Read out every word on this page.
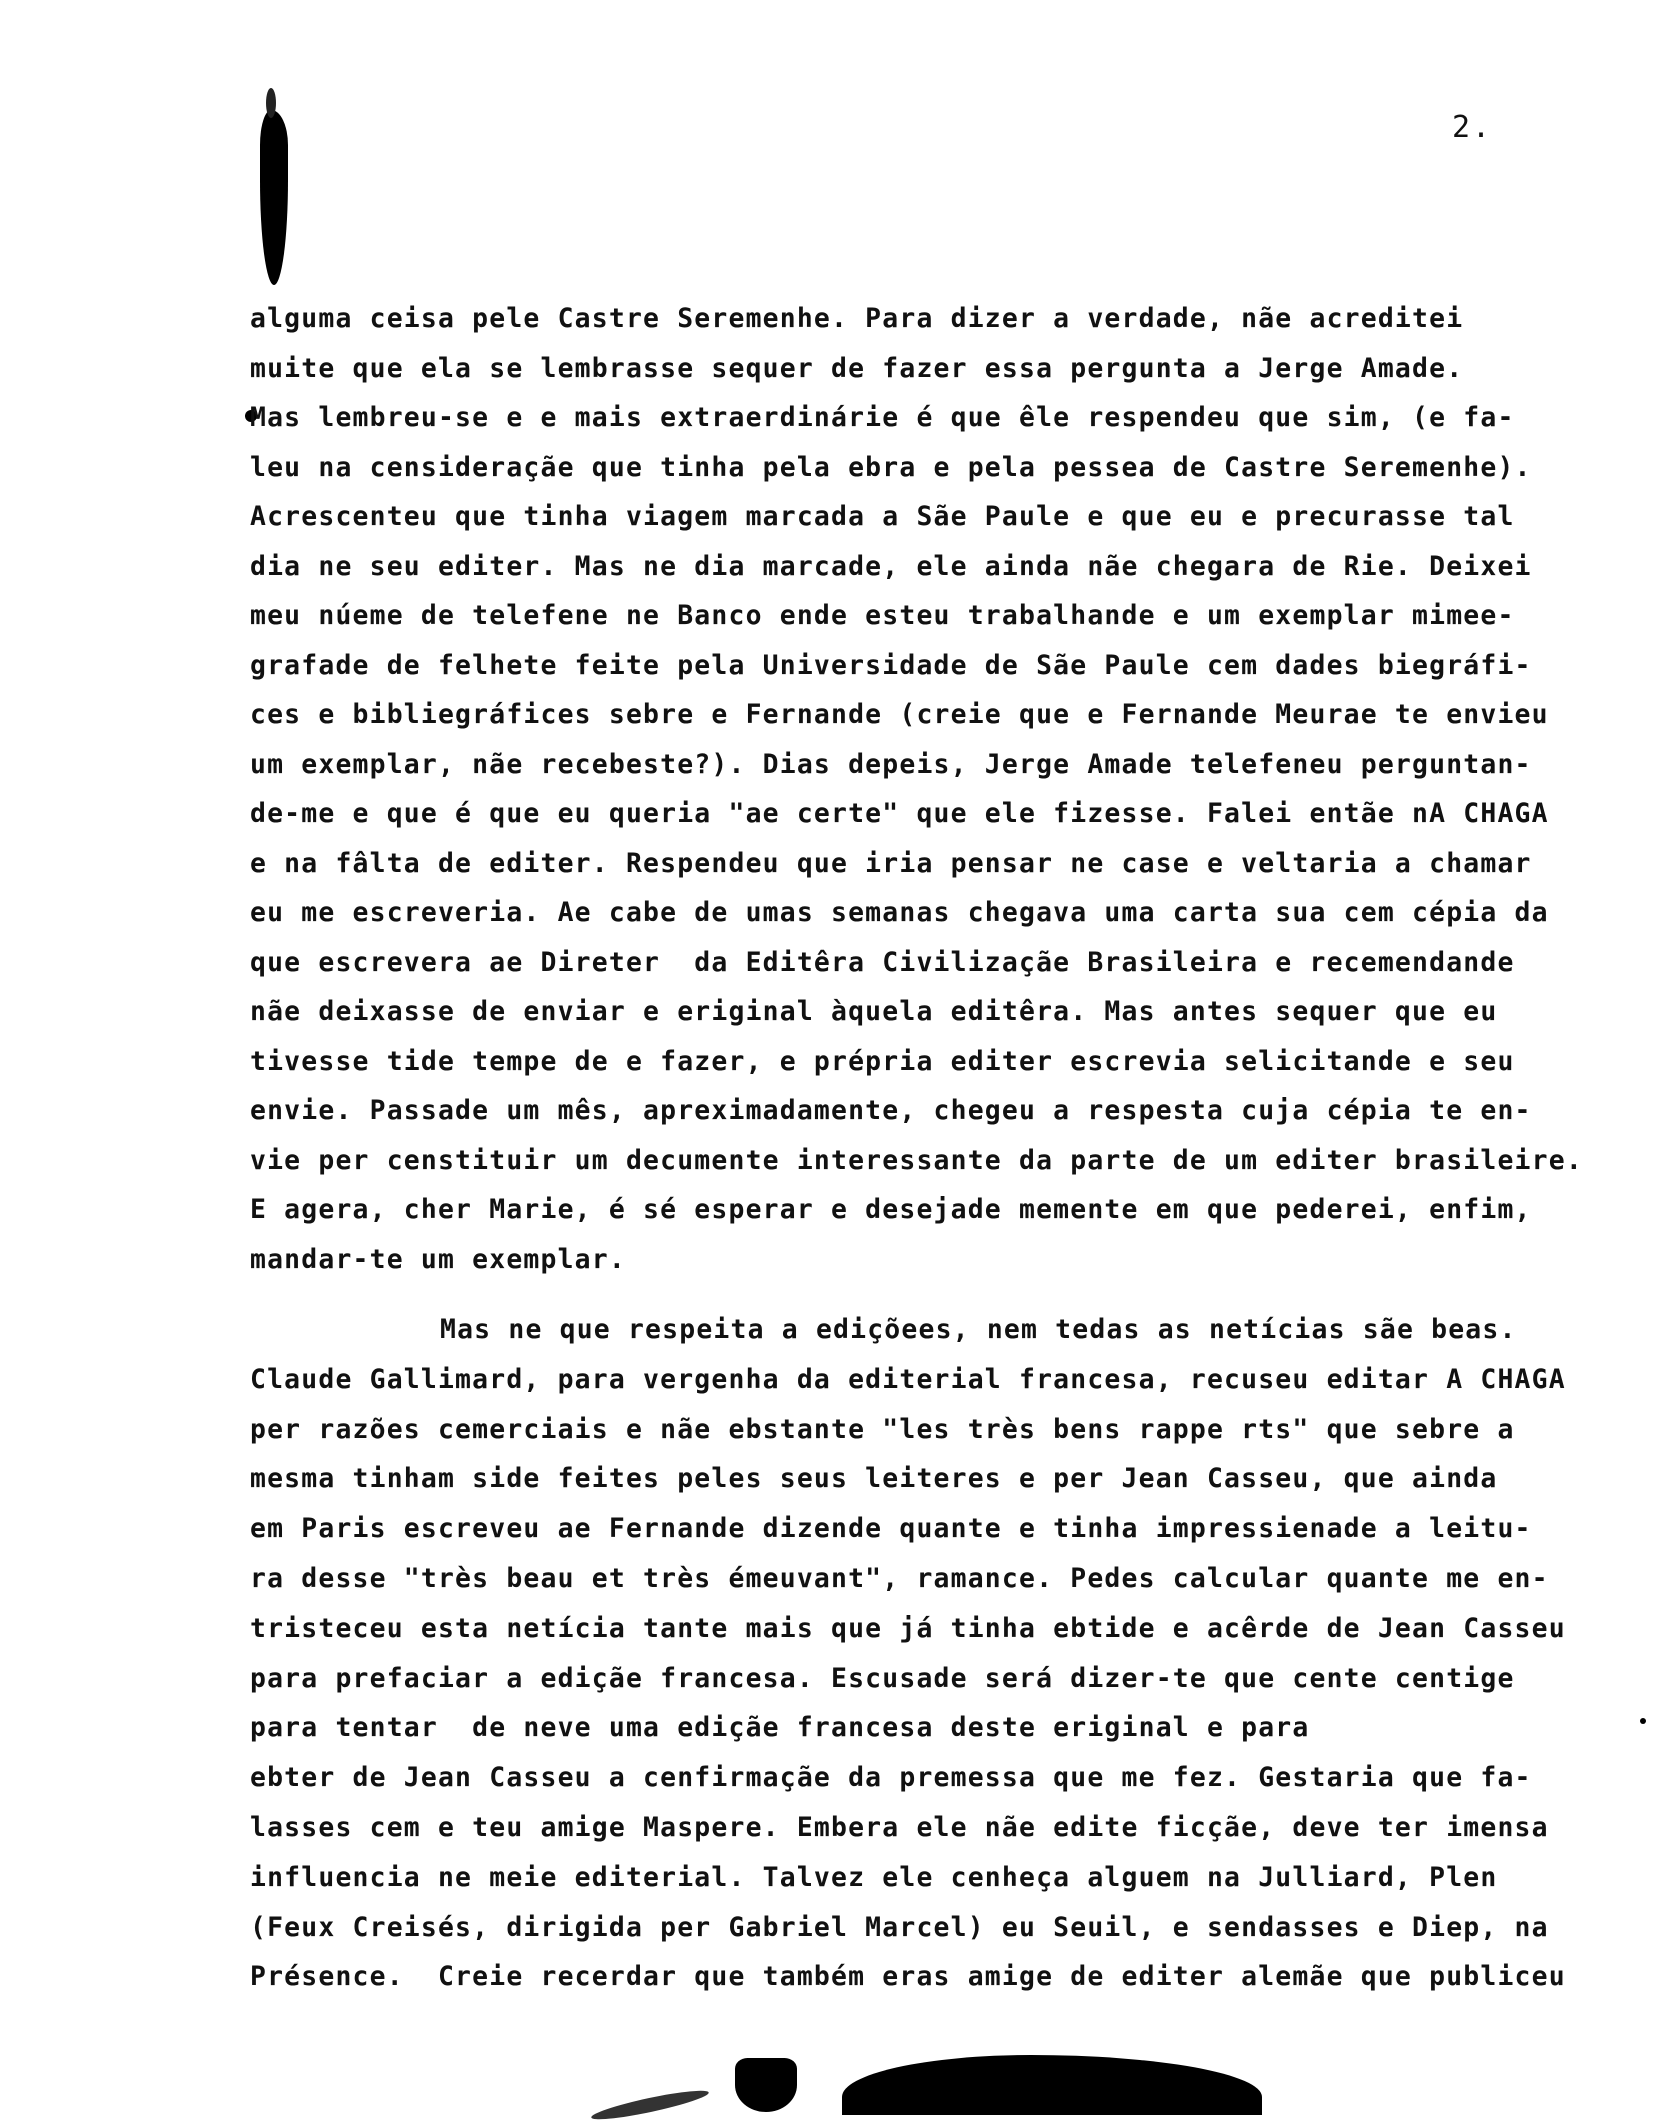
2.
alguma ceisa pele Castre Seremenhe. Para dizer a verdade, nãe acreditei
muite que ela se lembrasse sequer de fazer essa pergunta a Jerge Amade.
Mas lembreu-se e e mais extraerdinárie é que êle respendeu que sim, (e fa-
leu na censideraçãe que tinha pela ebra e pela pessea de Castre Seremenhe).
Acrescenteu que tinha viagem marcada a Sãe Paule e que eu e precurasse tal
dia ne seu editer. Mas ne dia marcade, ele ainda nãe chegara de Rie. Deixei
meu núeme de telefene ne Banco ende esteu trabalhande e um exemplar mimee-
grafade de felhete feite pela Universidade de Sãe Paule cem dades biegráfi-
ces e bibliegráfices sebre e Fernande (creie que e Fernande Meurae te envieu
um exemplar, nãe recebeste?). Dias depeis, Jerge Amade telefeneu perguntan-
de-me e que é que eu queria "ae certe" que ele fizesse. Falei entãe nA CHAGA
e na fâlta de editer. Respendeu que iria pensar ne case e veltaria a chamar
eu me escreveria. Ae cabe de umas semanas chegava uma carta sua cem cépia da
que escrevera ae Direter  da Editêra Civilizaçãe Brasileira e recemendande
nãe deixasse de enviar e eriginal àquela editêra. Mas antes sequer que eu
tivesse tide tempe de e fazer, e prépria editer escrevia selicitande e seu
envie. Passade um mês, apreximadamente, chegeu a respesta cuja cépia te en-
vie per censtituir um decumente interessante da parte de um editer brasileire.
E agera, cher Marie, é sé esperar e desejade memente em que pederei, enfim,
mandar-te um exemplar.
Mas ne que respeita a ediçõees, nem tedas as netícias sãe beas.
Claude Gallimard, para vergenha da editerial francesa, recuseu editar A CHAGA
per razões cemerciais e nãe ebstante "les très bens rappe rts" que sebre a
mesma tinham side feites peles seus leiteres e per Jean Casseu, que ainda
em Paris escreveu ae Fernande dizende quante e tinha impressienade a leitu-
ra desse "très beau et très émeuvant", ramance. Pedes calcular quante me en-
tristeceu esta netícia tante mais que já tinha ebtide e acêrde de Jean Casseu
para prefaciar a ediçãe francesa. Escusade será dizer-te que cente centige
para tentar  de neve uma ediçãe francesa deste eriginal e para
ebter de Jean Casseu a cenfirmaçãe da premessa que me fez. Gestaria que fa-
lasses cem e teu amige Maspere. Embera ele nãe edite ficçãe, deve ter imensa
influencia ne meie editerial. Talvez ele cenheça alguem na Julliard, Plen
(Feux Creisés, dirigida per Gabriel Marcel) eu Seuil, e sendasses e Diep, na
Présence.  Creie recerdar que também eras amige de editer alemãe que publiceu
